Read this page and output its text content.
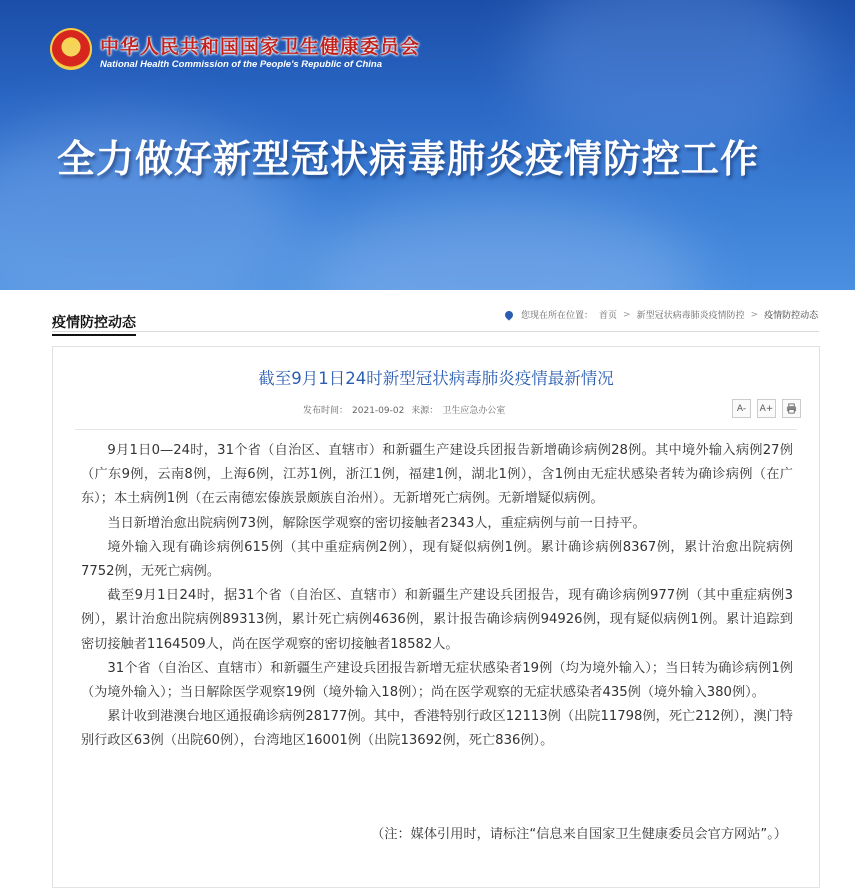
★	中华人民共和国国家卫生健康委员会
National Health Commission of the People's Republic of China
全力做好新型冠状病毒肺炎疫情防控工作
疫情防控动态	您现在所在位置： 首页 > 新型冠状病毒肺炎疫情防控 > 疫情防控动态
截至9月1日24时新型冠状病毒肺炎疫情最新情况
发布时间： 2021-09-02 来源： 卫生应急办公室	A-	A+

9月1日0—24时，31个省（自治区、直辖市）和新疆生产建设兵团报告新增确诊病例28例。其中境外输入病例27例（广东9例，云南8例，上海6例，江苏1例，浙江1例，福建1例，湖北1例），含1例由无症状感染者转为确诊病例（在广东）；本土病例1例（在云南德宏傣族景颇族自治州）。无新增死亡病例。无新增疑似病例。

当日新增治愈出院病例73例，解除医学观察的密切接触者2343人，重症病例与前一日持平。

境外输入现有确诊病例615例（其中重症病例2例），现有疑似病例1例。累计确诊病例8367例，累计治愈出院病例7752例，无死亡病例。

截至9月1日24时，据31个省（自治区、直辖市）和新疆生产建设兵团报告，现有确诊病例977例（其中重症病例3例），累计治愈出院病例89313例，累计死亡病例4636例，累计报告确诊病例94926例，现有疑似病例1例。累计追踪到密切接触者1164509人，尚在医学观察的密切接触者18582人。

31个省（自治区、直辖市）和新疆生产建设兵团报告新增无症状感染者19例（均为境外输入）；当日转为确诊病例1例（为境外输入）；当日解除医学观察19例（境外输入18例）；尚在医学观察的无症状感染者435例（境外输入380例）。

累计收到港澳台地区通报确诊病例28177例。其中，香港特别行政区12113例（出院11798例，死亡212例），澳门特别行政区63例（出院60例），台湾地区16001例（出院13692例，死亡836例）。

（注：媒体引用时，请标注“信息来自国家卫生健康委员会官方网站”。）
